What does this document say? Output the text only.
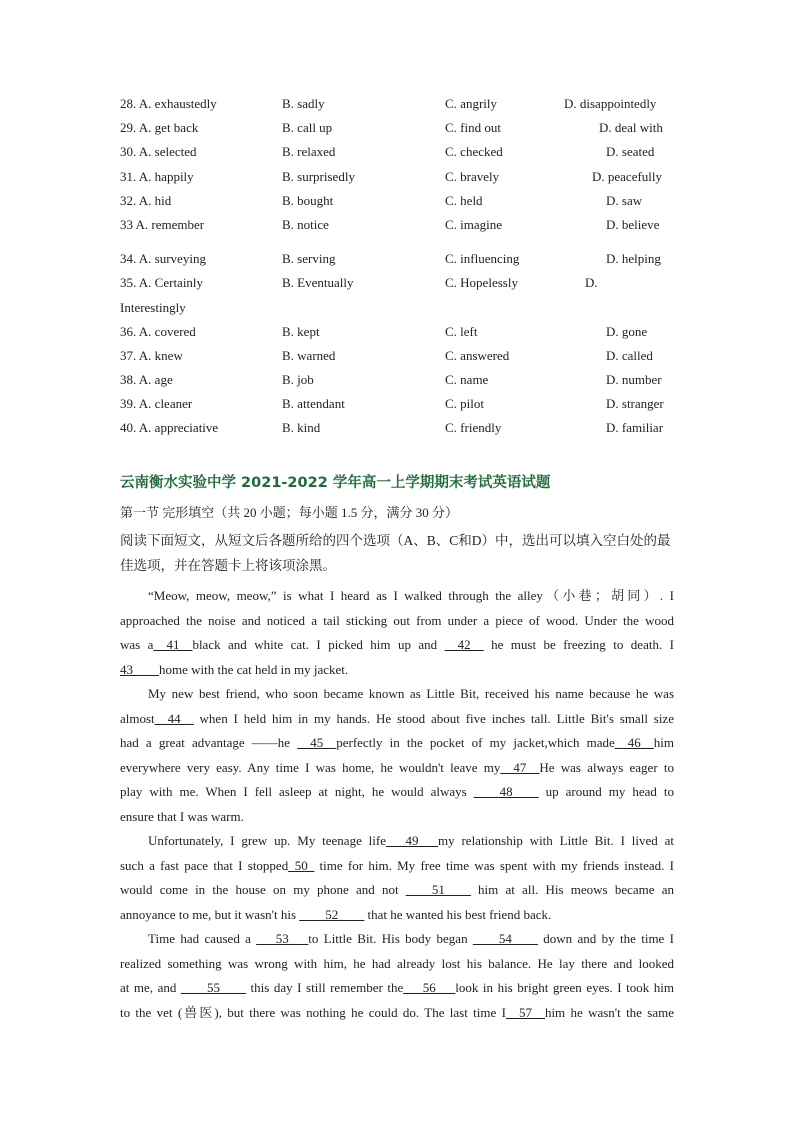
28. A. exhaustedly	B. sadly	C. angrily	D. disappointedly
29. A. get back	B. call up	C. find out	D. deal with
30. A. selected	B. relaxed	C. checked	D. seated
31. A. happily	B. surprisedly	C. bravely	D. peacefully
32. A. hid	B. bought	C. held	D. saw
33 A. remember	B. notice	C. imagine	D. believe
34. A. surveying	B. serving	C. influencing	D. helping
35. A. Certainly	B. Eventually	C. Hopelessly	D.
Interestingly
36. A. covered	B. kept	C. left	D. gone
37. A. knew	B. warned	C. answered	D. called
38. A. age	B. job	C. name	D. number
39. A. cleaner	B. attendant	C. pilot	D. stranger
40. A. appreciative	B. kind	C. friendly	D. familiar
云南衡水实验中学 2021-2022 学年高一上学期期末考试英语试题
第一节 完形填空（共 20 小题；每小题 1.5 分，满分 30 分）
阅读下面短文，从短文后各题所给的四个选项（A、B、C和D）中，选出可以填入空白处的最佳选项，并在答题卡上将该项涂黑。
“Meow, meow, meow,” is what I heard as I walked through the alley（小巷；胡同）. I
approached the noise and noticed a tail sticking out from under a piece of wood. Under the wood
was a__41__black and white cat. I picked him up and __42__ he must be freezing to death. I
43____home with the cat held in my jacket.
My new best friend, who soon became known as Little Bit, received his name because he was
almost__44__ when I held him in my hands. He stood about five inches tall. Little Bit's small size
had a great advantage ——he __45__perfectly in the pocket of my jacket,which made__46__him
everywhere very easy. Any time I was home, he wouldn't leave my__47__He was always eager to
play with me. When I fell asleep at night, he would always ____48____ up around my head to
ensure that I was warm.
Unfortunately, I grew up. My teenage life___49___my relationship with Little Bit. I lived at
such a fast pace that I stopped_50_ time for him. My free time was spent with my friends instead. I
would come in the house on my phone and not ____51____ him at all. His meows became an
annoyance to me, but it wasn't his ____52____ that he wanted his best friend back.
Time had caused a ___53___to Little Bit. His body began ____54____ down and by the time I
realized something was wrong with him, he had already lost his balance. He lay there and looked
at me, and ____55____ this day I still remember the___56___look in his bright green eyes. I took him
to the vet (兽医), but there was nothing he could do. The last time I__57__him he wasn't the same
